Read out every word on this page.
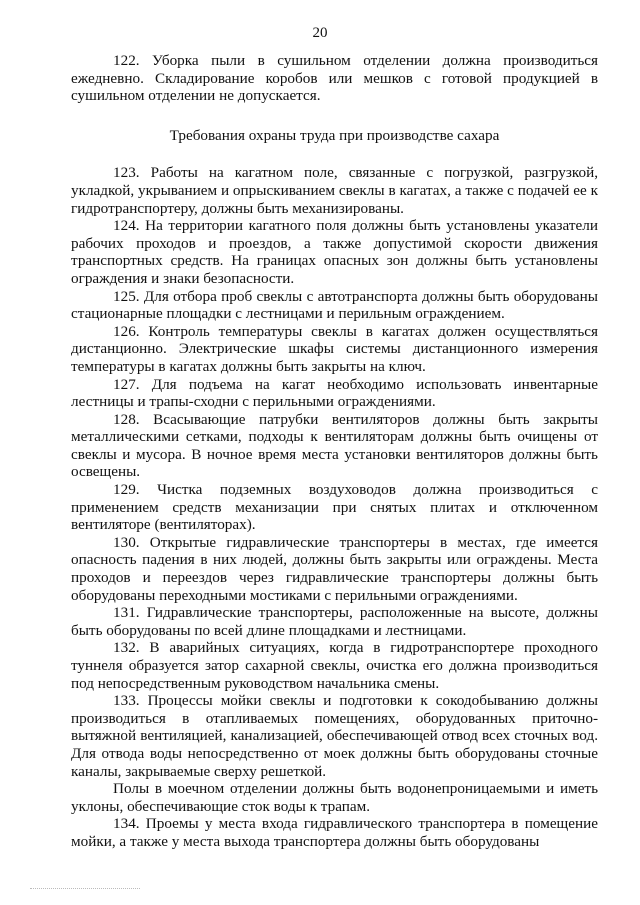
20

122. Уборка пыли в сушильном отделении должна производиться ежедневно. Складирование коробов или мешков с готовой продукцией в сушильном отделении не допускается.

Требования охраны труда при производстве сахара

123. Работы на кагатном поле, связанные с погрузкой, разгрузкой, укладкой, укрыванием и опрыскиванием свеклы в кагатах, а также с подачей ее к гидротранспортеру, должны быть механизированы.

124. На территории кагатного поля должны быть установлены указатели рабочих проходов и проездов, а также допустимой скорости движения транспортных средств. На границах опасных зон должны быть установлены ограждения и знаки безопасности.

125. Для отбора проб свеклы с автотранспорта должны быть оборудованы стационарные площадки с лестницами и перильным ограждением.

126. Контроль температуры свеклы в кагатах должен осуществляться дистанционно. Электрические шкафы системы дистанционного измерения температуры в кагатах должны быть закрыты на ключ.

127. Для подъема на кагат необходимо использовать инвентарные лестницы и трапы-сходни с перильными ограждениями.

128. Всасывающие патрубки вентиляторов должны быть закрыты металлическими сетками, подходы к вентиляторам должны быть очищены от свеклы и мусора. В ночное время места установки вентиляторов должны быть освещены.

129. Чистка подземных воздуховодов должна производиться с применением средств механизации при снятых плитах и отключенном вентиляторе (вентиляторах).

130. Открытые гидравлические транспортеры в местах, где имеется опасность падения в них людей, должны быть закрыты или ограждены. Места проходов и переездов через гидравлические транспортеры должны быть оборудованы переходными мостиками с перильными ограждениями.

131. Гидравлические транспортеры, расположенные на высоте, должны быть оборудованы по всей длине площадками и лестницами.

132. В аварийных ситуациях, когда в гидротранспортере проходного туннеля образуется затор сахарной свеклы, очистка его должна производиться под непосредственным руководством начальника смены.

133. Процессы мойки свеклы и подготовки к сокодобыванию должны производиться в отапливаемых помещениях, оборудованных приточно-вытяжной вентиляцией, канализацией, обеспечивающей отвод всех сточных вод. Для отвода воды непосредственно от моек должны быть оборудованы сточные каналы, закрываемые сверху решеткой.

Полы в моечном отделении должны быть водонепроницаемыми и иметь уклоны, обеспечивающие сток воды к трапам.

134. Проемы у места входа гидравлического транспортера в помещение мойки, а также у места выхода транспортера должны быть оборудованы
